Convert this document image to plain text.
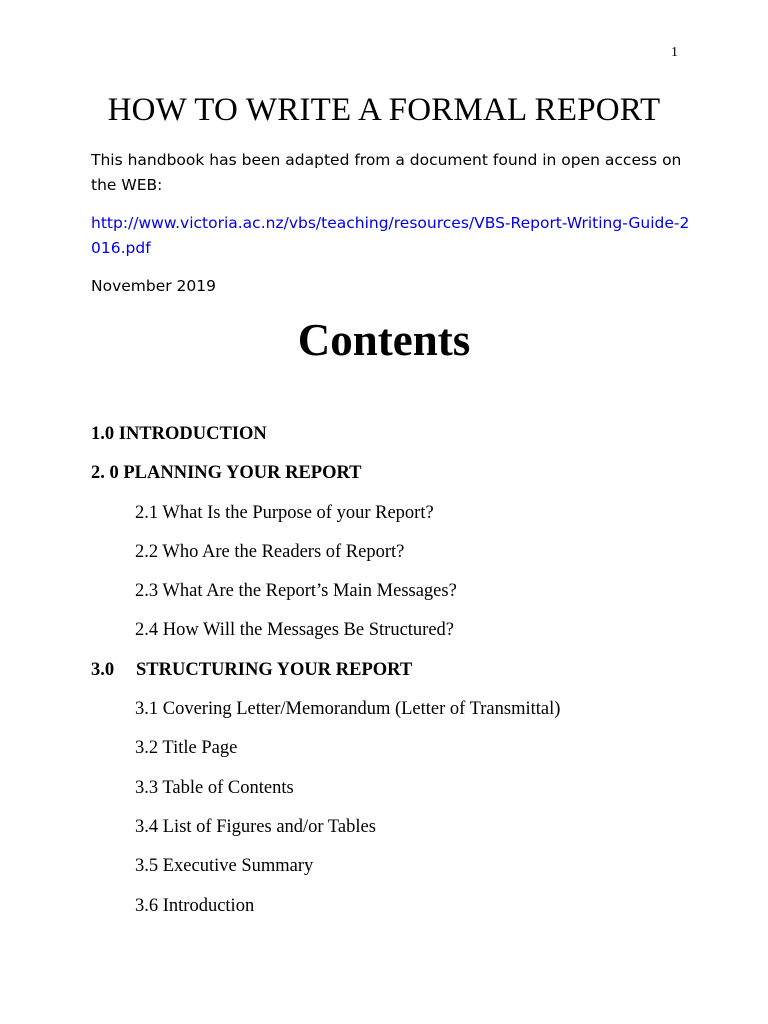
1
HOW TO WRITE A FORMAL REPORT

This handbook has been adapted from a document found in open access on the WEB:

http://www.victoria.ac.nz/vbs/teaching/resources/VBS-Report-Writing-Guide-2016.pdf

November 2019

Contents
1.0 INTRODUCTION
2. 0 PLANNING YOUR REPORT
2.1 What Is the Purpose of your Report?
2.2 Who Are the Readers of Report?
2.3 What Are the Report’s Main Messages?
2.4 How Will the Messages Be Structured?
3.0 STRUCTURING YOUR REPORT
3.1 Covering Letter/Memorandum (Letter of Transmittal)
3.2 Title Page
3.3 Table of Contents
3.4 List of Figures and/or Tables
3.5 Executive Summary
3.6 Introduction
